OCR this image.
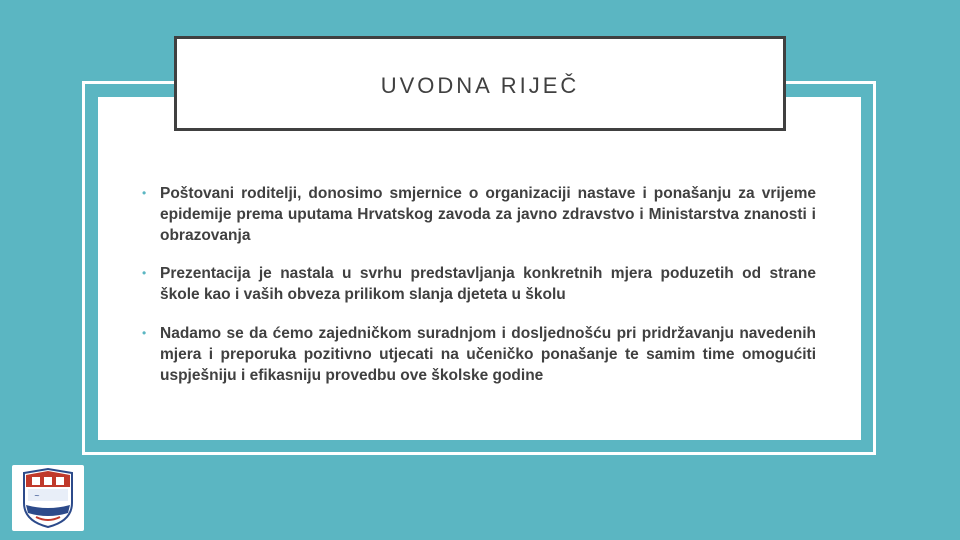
UVODNA RIJEČ
• Poštovani roditelji, donosimo smjernice o organizaciji nastave i ponašanju za vrijeme epidemije prema uputama Hrvatskog zavoda za javno zdravstvo i Ministarstva znanosti i obrazovanja
• Prezentacija je nastala u svrhu predstavljanja konkretnih mjera poduzetih od strane škole kao i vaših obveza prilikom slanja djeteta u školu
• Nadamo se da ćemo zajedničkom suradnjom i dosljednošću pri pridržavanju navedenih mjera i preporuka pozitivno utjecati na učeničko ponašanje te samim time omogućiti uspješniju i efikasniju provedbu ove školske godine
~
